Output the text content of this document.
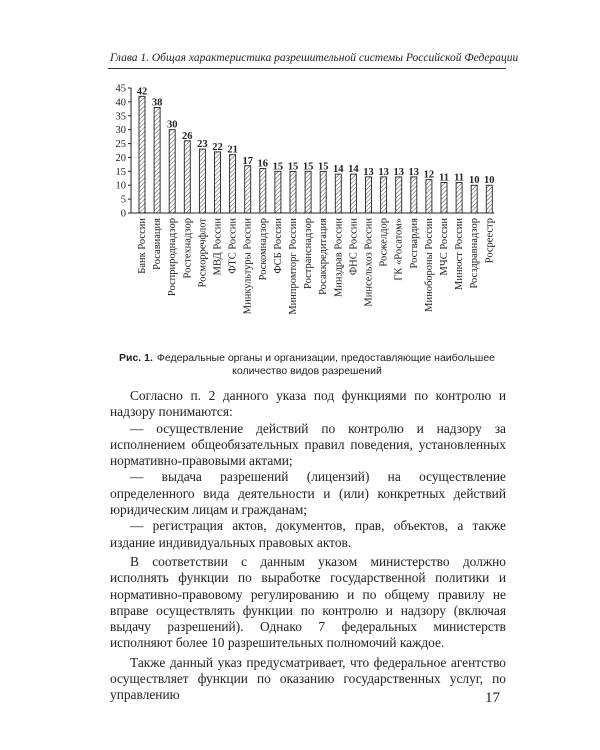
Глава 1. Общая характеристика разрешительной системы Российской Федерации
0
5
10
15
20
25
30
35
40
45 42
Банк России
38
Росавиация
30
Росприроднадзор
26
Ростехнадзор
23
Росморречфлот
22
МВД России
21
ФТС России
17
Минкультуры России
16
Роскомнадзор
15
ФСБ России
15
Минпромторг России
15
Ространснадзор
15
Росаккредитация
14
Минздрав России
14
ФНС России
13
Минсельхоз России
13
Росжелдор
13
ГК «Росатом»
13
Росгвардия
12
Минобороны России
11
МЧС России
11
Минюст России
10
Росздравнадзор
10
Росреестр
Рис. 1. Федеральные органы и организации, предоставляющие наибольшее
количество видов разрешений

Согласно п. 2 данного указа под функциями по контролю и надзору понимаются:

— осуществление действий по контролю и надзору за исполнением общеобязательных правил поведения, установленных нормативно-правовыми актами;

— выдача разрешений (лицензий) на осуществление определенного вида деятельности и (или) конкретных действий юридическим лицам и гражданам;

— регистрация актов, документов, прав, объектов, а также издание индивидуальных правовых актов.

В соответствии с данным указом министерство должно исполнять функции по выработке государственной политики и нормативно-правовому регулированию и по общему правилу не вправе осуществлять функции по контролю и надзору (включая выдачу разрешений). Однако 7 федеральных министерств исполняют более 10 разрешительных полномочий каждое.

Также данный указ предусматривает, что федеральное агентство осуществляет функции по оказанию государственных услуг, по управлению	17
